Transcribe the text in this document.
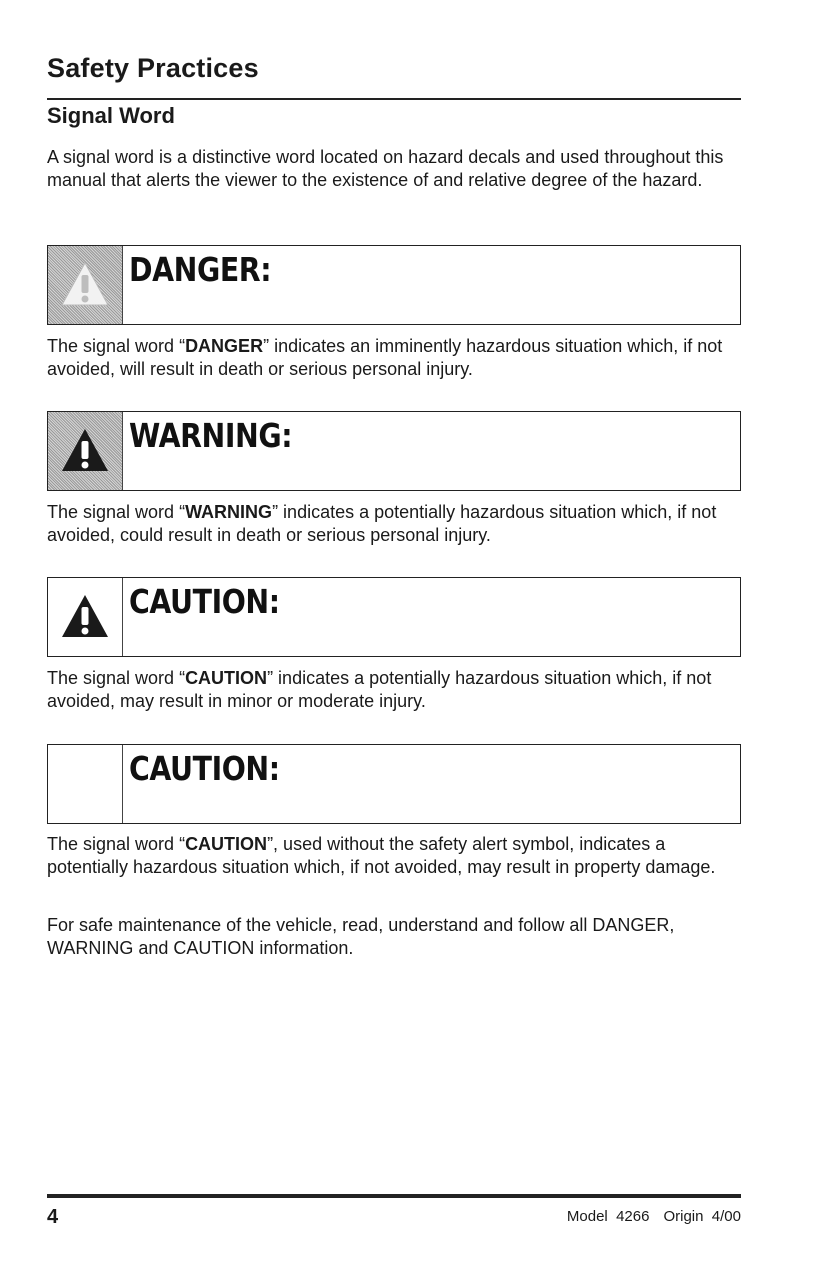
Safety Practices
Signal Word

A signal word is a distinctive word located on hazard decals and used throughout this manual that alerts the viewer to the existence of and relative degree of the hazard.

DANGER:

The signal word “DANGER” indicates an imminently hazardous situation which, if not avoided, will result in death or serious personal injury.

WARNING:

The signal word “WARNING” indicates a potentially hazardous situation which, if not avoided, could result in death or serious personal injury.

CAUTION:

The signal word “CAUTION” indicates a potentially hazardous situation which, if not avoided, may result in minor or moderate injury.

CAUTION:

The signal word “CAUTION”, used without the safety alert symbol, indicates a potentially hazardous situation which, if not avoided, may result in property damage.

For safe maintenance of the vehicle, read, understand and follow all DANGER, WARNING and CAUTION information.

4	Model  4266 Origin  4/00
